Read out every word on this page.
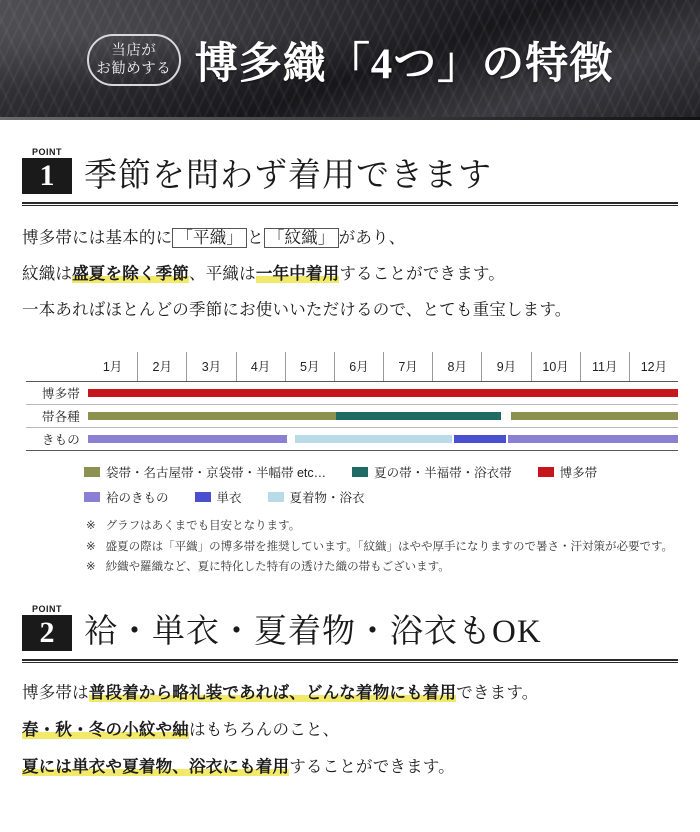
当店が
お勧めする 博多織「4つ」の特徴
POINT
1 季節を問わず着用できます

博多帯には基本的に 「平織」 と 「紋織」 があり、

紋織は盛夏を除く季節、平織は一年中着用することができます。

一本あればほとんどの季節にお使いいただけるので、とても重宝します。

1月	2月	3月	4月	5月	6月	7月	8月	9月	10月	11月	12月
博多帯
帯各種
きもの
袋帯・名古屋帯・京袋帯・半幅帯 etc…	夏の帯・半福帯・浴衣帯	博多帯
袷のきもの	単衣	夏着物・浴衣
※ グラフはあくまでも目安となります。
※ 盛夏の際は「平織」の博多帯を推奨しています。「紋織」はやや厚手になりますので暑さ・汗対策が必要です。
※ 紗織や羅織など、夏に特化した特有の透けた織の帯もございます。
POINT
2 袷・単衣・夏着物・浴衣もOK

博多帯は普段着から略礼装であれば、どんな着物にも着用できます。

春・秋・冬の小紋や紬はもちろんのこと、

夏には単衣や夏着物、浴衣にも着用することができます。
